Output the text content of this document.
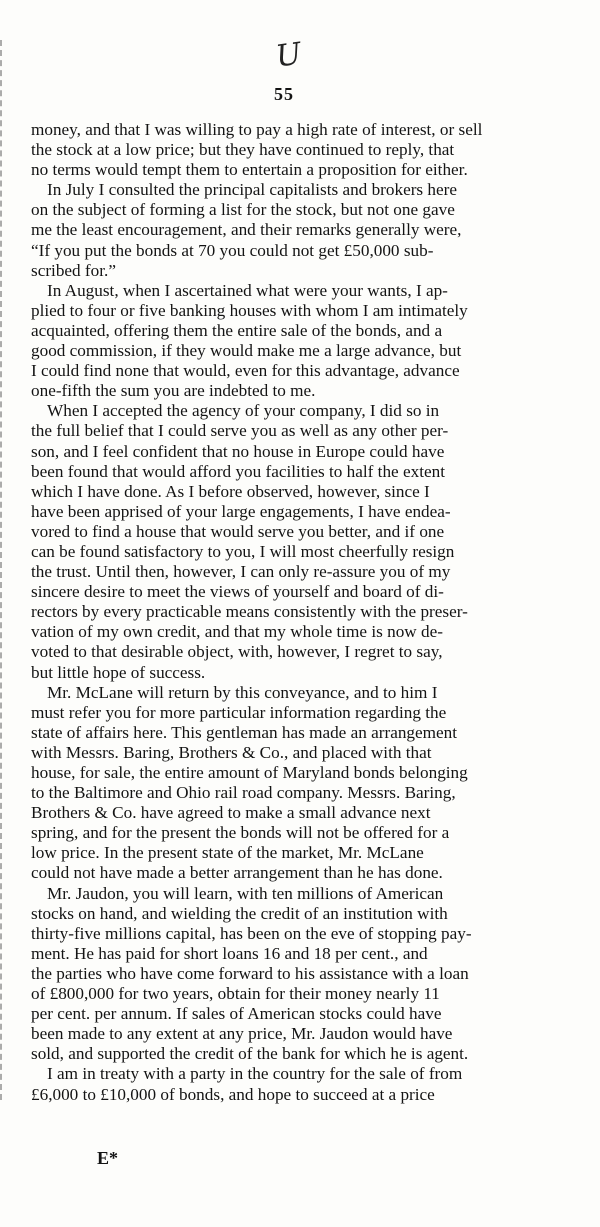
U
55
money, and that I was willing to pay a high rate of interest, or sell
the stock at a low price; but they have continued to reply, that
no terms would tempt them to entertain a proposition for either.
In July I consulted the principal capitalists and brokers here
on the subject of forming a list for the stock, but not one gave
me the least encouragement, and their remarks generally were,
“If you put the bonds at 70 you could not get £50,000 sub-
scribed for.”
In August, when I ascertained what were your wants, I ap-
plied to four or five banking houses with whom I am intimately
acquainted, offering them the entire sale of the bonds, and a
good commission, if they would make me a large advance, but
I could find none that would, even for this advantage, advance
one-fifth the sum you are indebted to me.
When I accepted the agency of your company, I did so in
the full belief that I could serve you as well as any other per-
son, and I feel confident that no house in Europe could have
been found that would afford you facilities to half the extent
which I have done. As I before observed, however, since I
have been apprised of your large engagements, I have endea-
vored to find a house that would serve you better, and if one
can be found satisfactory to you, I will most cheerfully resign
the trust. Until then, however, I can only re-assure you of my
sincere desire to meet the views of yourself and board of di-
rectors by every practicable means consistently with the preser-
vation of my own credit, and that my whole time is now de-
voted to that desirable object, with, however, I regret to say,
but little hope of success.
Mr. McLane will return by this conveyance, and to him I
must refer you for more particular information regarding the
state of affairs here. This gentleman has made an arrangement
with Messrs. Baring, Brothers & Co., and placed with that
house, for sale, the entire amount of Maryland bonds belonging
to the Baltimore and Ohio rail road company. Messrs. Baring,
Brothers & Co. have agreed to make a small advance next
spring, and for the present the bonds will not be offered for a
low price. In the present state of the market, Mr. McLane
could not have made a better arrangement than he has done.
Mr. Jaudon, you will learn, with ten millions of American
stocks on hand, and wielding the credit of an institution with
thirty-five millions capital, has been on the eve of stopping pay-
ment. He has paid for short loans 16 and 18 per cent., and
the parties who have come forward to his assistance with a loan
of £800,000 for two years, obtain for their money nearly 11
per cent. per annum. If sales of American stocks could have
been made to any extent at any price, Mr. Jaudon would have
sold, and supported the credit of the bank for which he is agent.
I am in treaty with a party in the country for the sale of from
£6,000 to £10,000 of bonds, and hope to succeed at a price
E*
